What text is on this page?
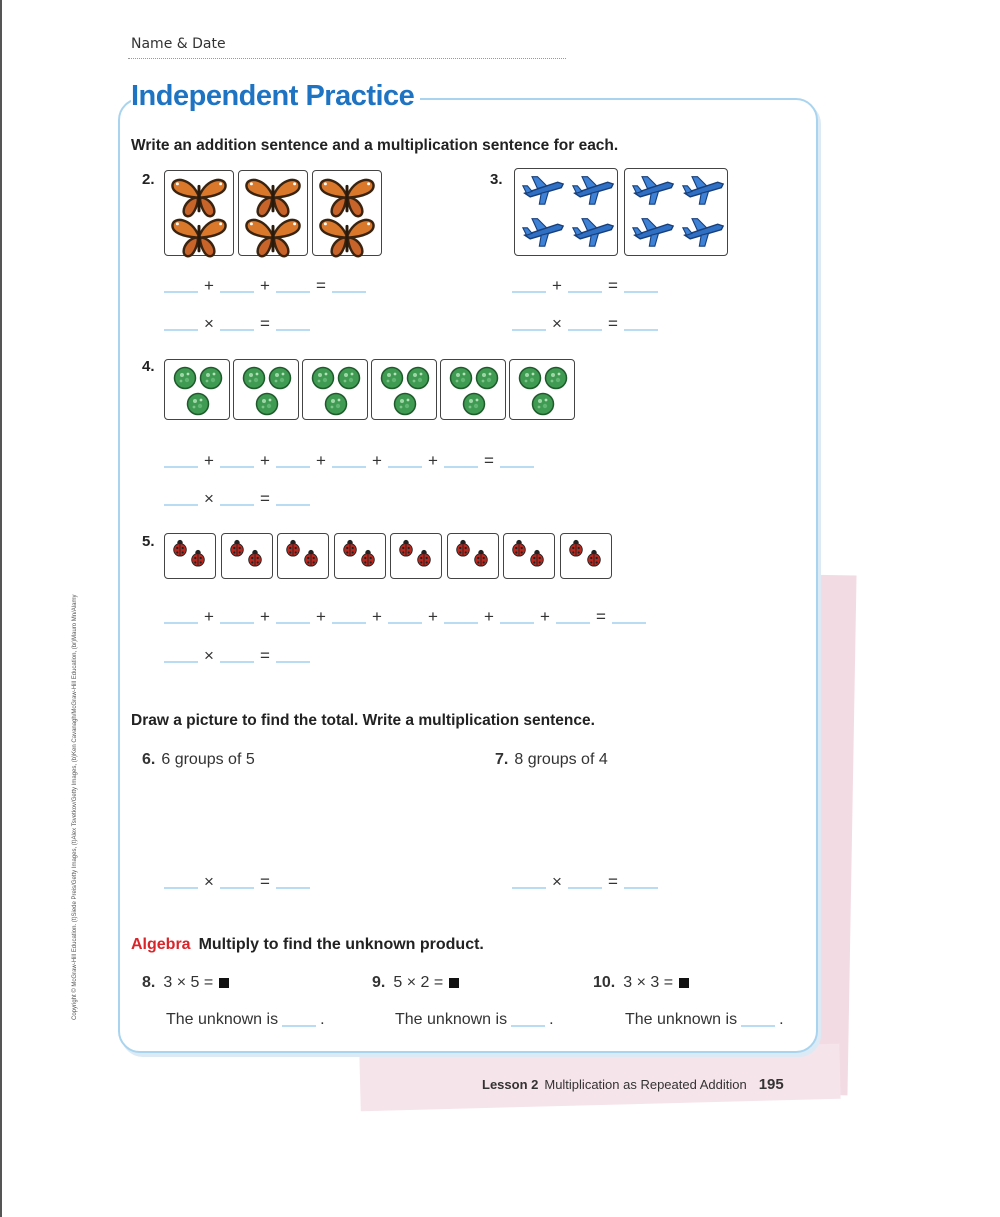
Name & Date
Independent Practice
Write an addition sentence and a multiplication sentence for each.
2.
+	+	=
×	=
3.
+	=
×	=
4.
+	+	+	+	+	=
×	=
5.
+	+	+	+	+	+	+	=
×	=
Draw a picture to find the total. Write a multiplication sentence.
6. 6 groups of 5	7. 8 groups of 4
×	=	×	=
Algebra Multiply to find the unknown product.
8. 3 × 5 =	9. 5 × 2 =	10. 3 × 3 =
The unknown is	.	The unknown is	.	The unknown is	.
Lesson 2 Multiplication as Repeated Addition 195
Copyright © McGraw-Hill Education. (t)Siede Preis/Getty Images, (t)Alex Tsvetkov/Getty Images, (b)Ken Cavanagh/McGraw-Hill Education, (br)Mauro Mn/Alamy
